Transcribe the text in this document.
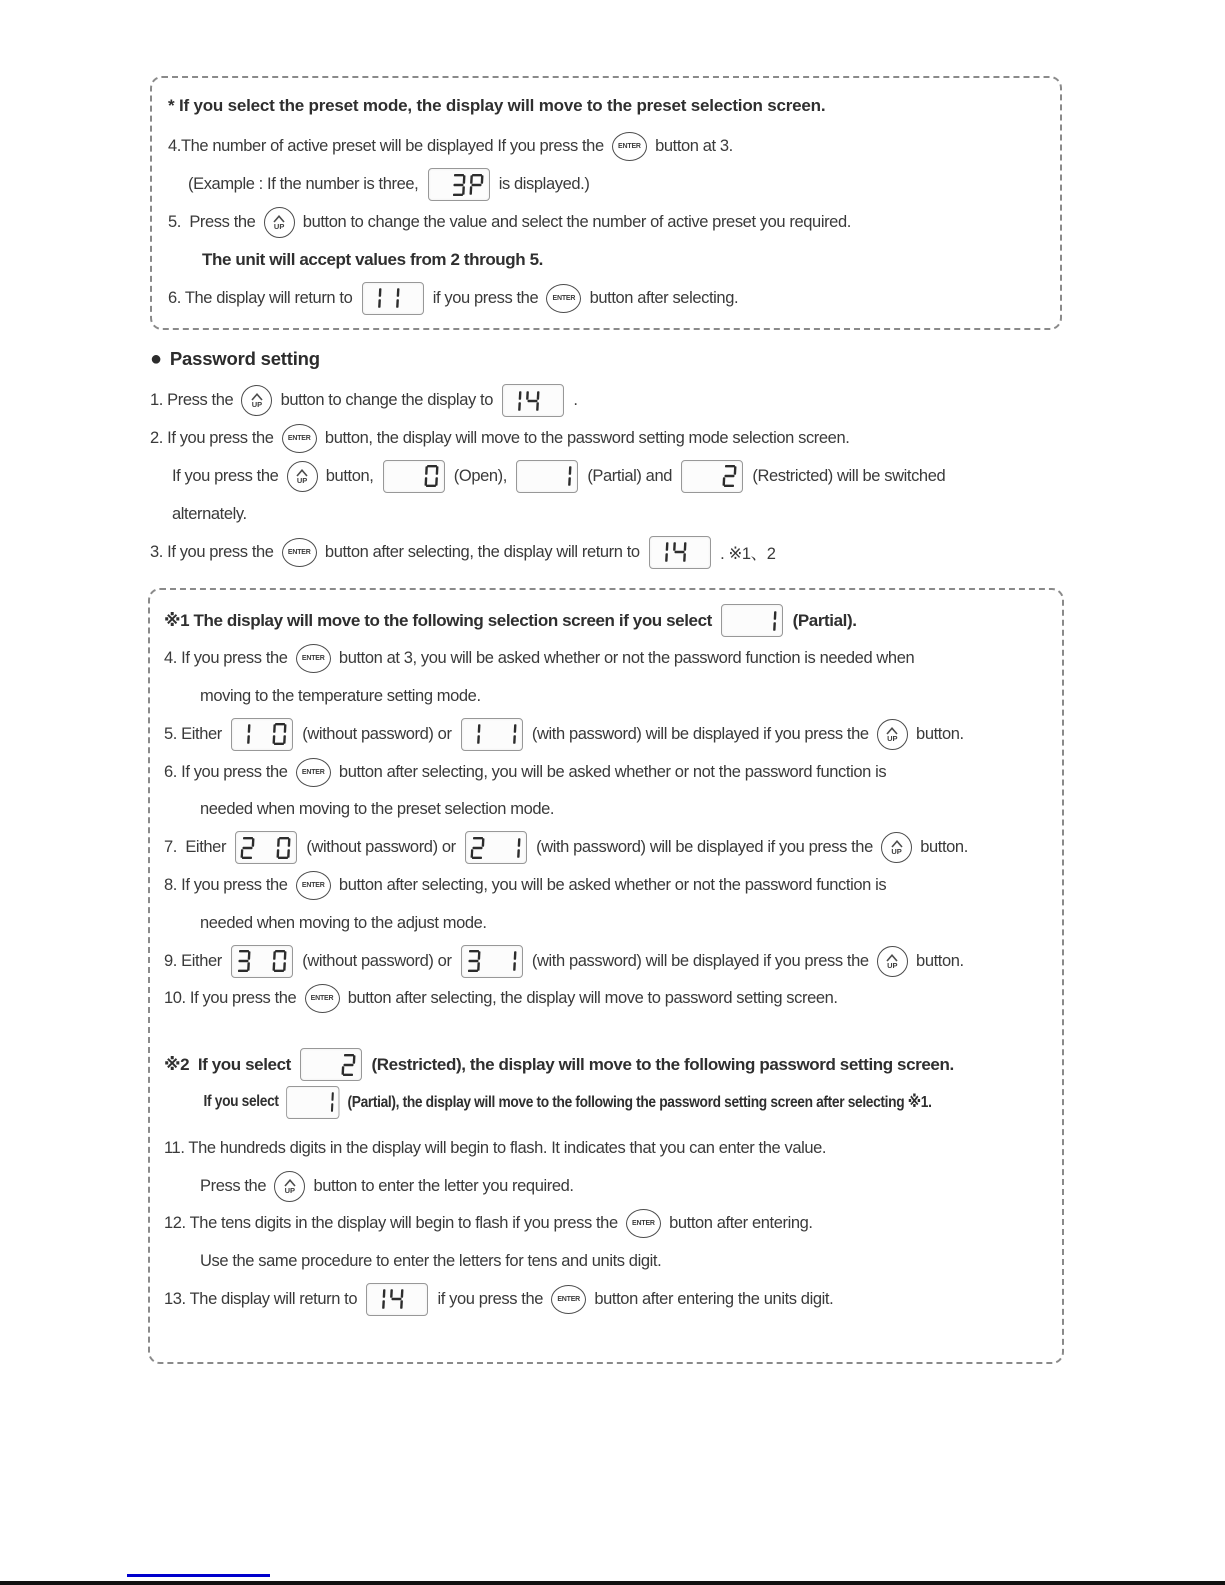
* If you select the preset mode, the display will move to the preset selection screen.
4.The number of active preset will be displayed If you press the	ENTER button at 3.
(Example : If the number is three,	is displayed.)
5.  Press the UP button to change the value and select the number of active preset you required.
The unit will accept values from 2 through 5.
6. The display will return to	if you press the	ENTER button after selecting.
● Password setting
1. Press the UP button to change the display to	.
2. If you press the	ENTER button, the display will move to the password setting mode selection screen.
If you press the UP button,	(Open),	(Partial) and	(Restricted) will be switched
alternately.
3. If you press the	ENTER button after selecting, the display will return to	. ※1、2
※1 The display will move to the following selection screen if you select	(Partial).
4. If you press the	ENTER button at 3, you will be asked whether or not the password function is needed when
moving to the temperature setting mode.
5. Either	(without password) or	(with password) will be displayed if you press the UP button.
6. If you press the	ENTER button after selecting, you will be asked whether or not the password function is
needed when moving to the preset selection mode.
7.  Either	(without password) or	(with password) will be displayed if you press the UP button.
8. If you press the	ENTER button after selecting, you will be asked whether or not the password function is
needed when moving to the adjust mode.
9. Either	(without password) or	(with password) will be displayed if you press the UP button.
10. If you press the	ENTER button after selecting, the display will move to password setting screen.
※2  If you select	(Restricted), the display will move to the following password setting screen.
If you select	(Partial), the display will move to the following the password setting screen after selecting ※1.
11. The hundreds digits in the display will begin to flash. It indicates that you can enter the value.
Press the UP button to enter the letter you required.
12. The tens digits in the display will begin to flash if you press the	ENTER button after entering.
Use the same procedure to enter the letters for tens and units digit.
13. The display will return to	if you press the	ENTER button after entering the units digit.
